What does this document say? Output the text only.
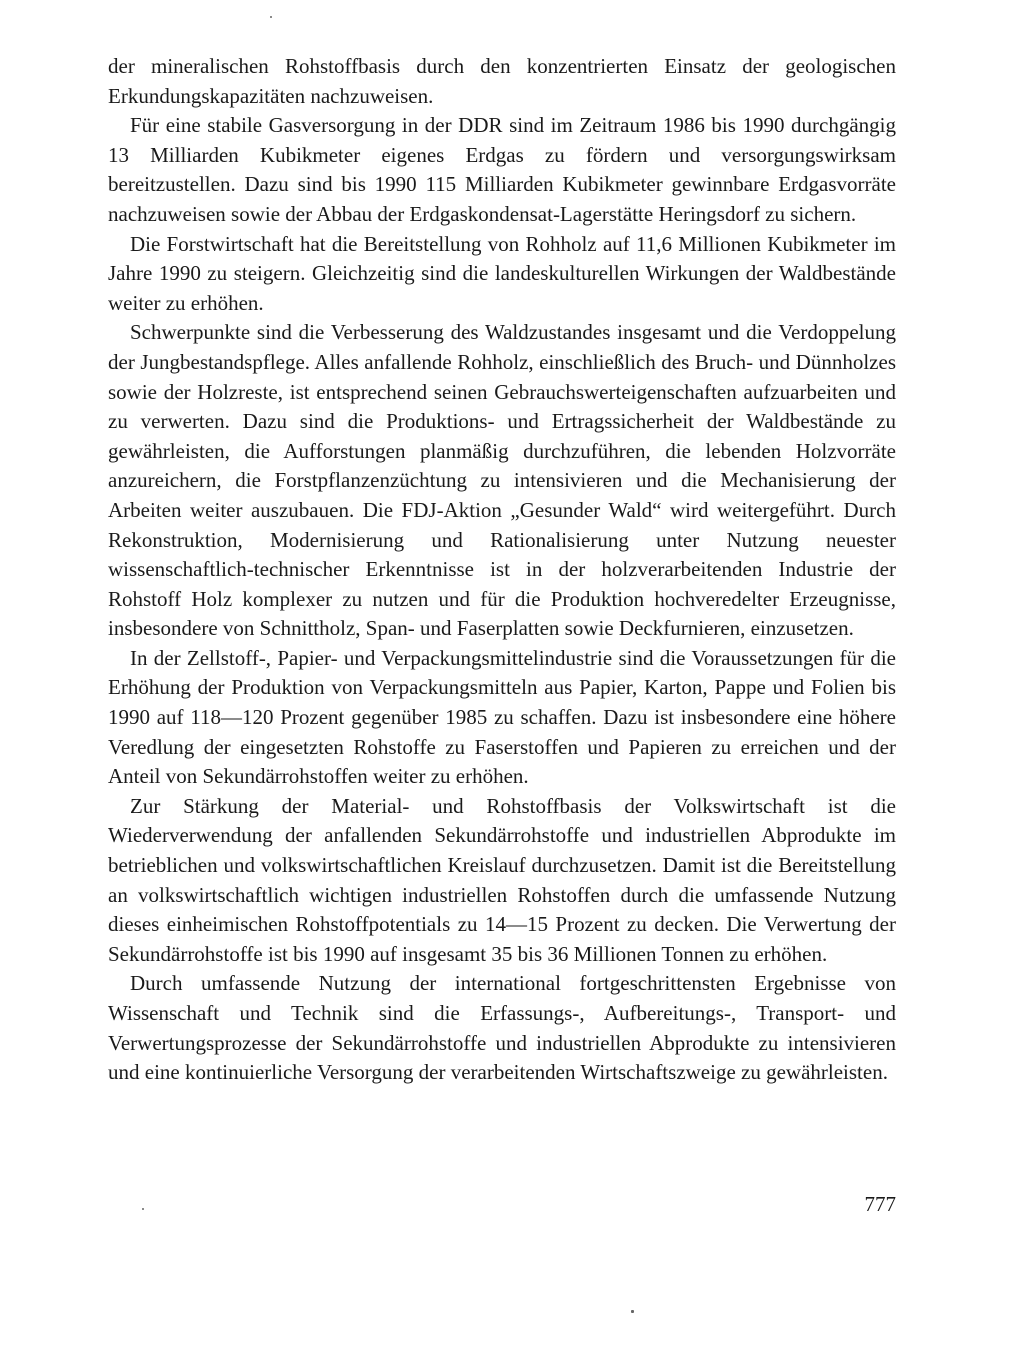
der mineralischen Rohstoffbasis durch den konzentrierten Einsatz der geologischen Erkundungskapazitäten nachzuweisen.

Für eine stabile Gasversorgung in der DDR sind im Zeitraum 1986 bis 1990 durchgängig 13 Milliarden Kubikmeter eigenes Erdgas zu fördern und versorgungswirksam bereitzustellen. Dazu sind bis 1990 115 Milliarden Kubikmeter gewinnbare Erdgasvorräte nachzuweisen sowie der Abbau der Erdgaskondensat-Lagerstätte Heringsdorf zu sichern.

Die Forstwirtschaft hat die Bereitstellung von Rohholz auf 11,6 Millionen Kubikmeter im Jahre 1990 zu steigern. Gleichzeitig sind die landeskulturellen Wirkungen der Waldbestände weiter zu erhöhen.

Schwerpunkte sind die Verbesserung des Waldzustandes insgesamt und die Verdoppelung der Jungbestandspflege. Alles anfallende Rohholz, einschließlich des Bruch- und Dünnholzes sowie der Holzreste, ist entsprechend seinen Gebrauchswerteigenschaften aufzuarbeiten und zu verwerten. Dazu sind die Produktions- und Ertragssicherheit der Waldbestände zu gewährleisten, die Aufforstungen planmäßig durchzuführen, die lebenden Holzvorräte anzureichern, die Forstpflanzenzüchtung zu intensivieren und die Mechanisierung der Arbeiten weiter auszubauen. Die FDJ-Aktion „Gesunder Wald“ wird weitergeführt. Durch Rekonstruktion, Modernisierung und Rationalisierung unter Nutzung neuester wissenschaftlich-technischer Erkenntnisse ist in der holzverarbeitenden Industrie der Rohstoff Holz komplexer zu nutzen und für die Produktion hochveredelter Erzeugnisse, insbesondere von Schnittholz, Span- und Faserplatten sowie Deckfurnieren, einzusetzen.

In der Zellstoff-, Papier- und Verpackungsmittelindustrie sind die Voraussetzungen für die Erhöhung der Produktion von Verpackungsmitteln aus Papier, Karton, Pappe und Folien bis 1990 auf 118—120 Prozent gegenüber 1985 zu schaffen. Dazu ist insbesondere eine höhere Veredlung der eingesetzten Rohstoffe zu Faserstoffen und Papieren zu erreichen und der Anteil von Sekundärrohstoffen weiter zu erhöhen.

Zur Stärkung der Material- und Rohstoffbasis der Volkswirtschaft ist die Wiederverwendung der anfallenden Sekundärrohstoffe und industriellen Abprodukte im betrieblichen und volkswirtschaftlichen Kreislauf durchzusetzen. Damit ist die Bereitstellung an volkswirtschaftlich wichtigen industriellen Rohstoffen durch die umfassende Nutzung dieses einheimischen Rohstoffpotentials zu 14—15 Prozent zu decken. Die Verwertung der Sekundärrohstoffe ist bis 1990 auf insgesamt 35 bis 36 Millionen Tonnen zu erhöhen.

Durch umfassende Nutzung der international fortgeschrittensten Ergebnisse von Wissenschaft und Technik sind die Erfassungs-, Aufbereitungs-, Transport- und Verwertungsprozesse der Sekundärrohstoffe und industriellen Abprodukte zu intensivieren und eine kontinuierliche Versorgung der verarbeitenden Wirtschaftszweige zu gewährleisten.

777
